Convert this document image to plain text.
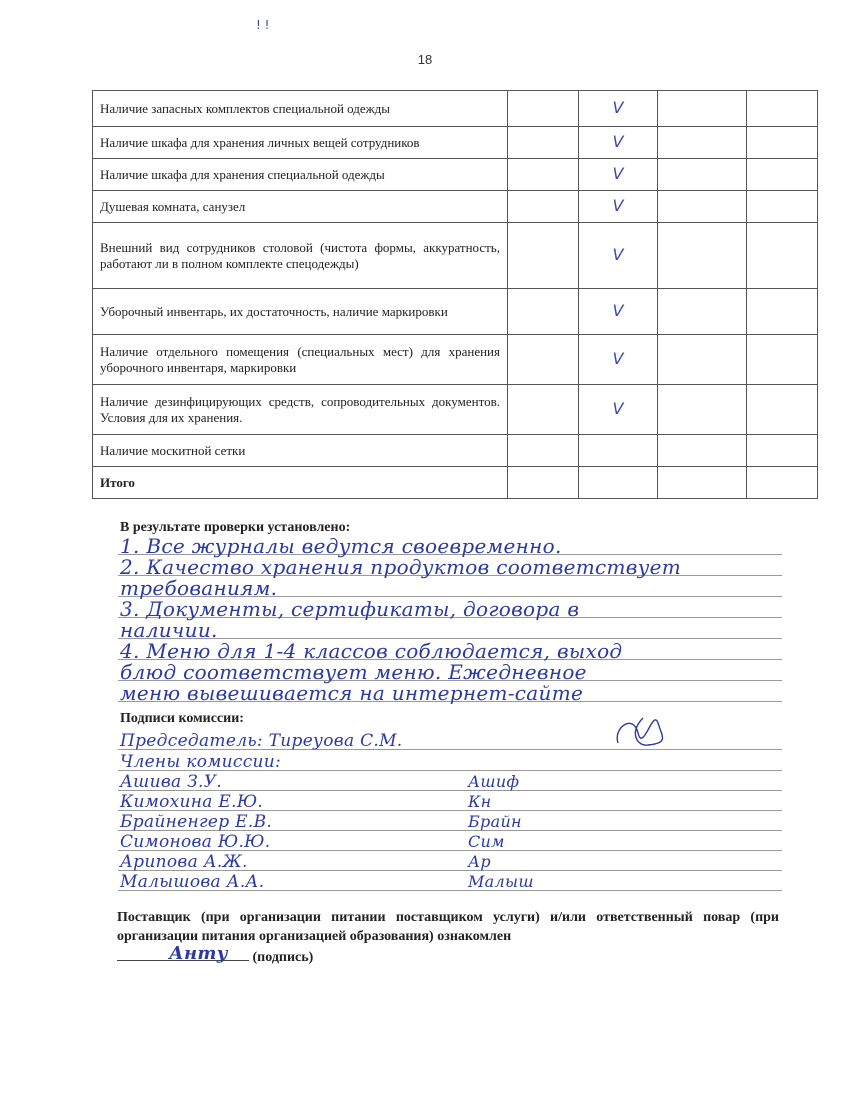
! !
18
Наличие запасных комплектов специальной одежды		V		
Наличие шкафа для хранения личных вещей сотрудников		V		
Наличие шкафа для хранения специальной одежды		V		
Душевая комната, санузел		V		
Внешний вид сотрудников столовой (чистота формы, аккуратность, работают ли в полном комплекте спецодежды)		V		
Уборочный инвентарь, их достаточность, наличие маркировки		V		
Наличие отдельного помещения (специальных мест) для хранения уборочного инвентаря, маркировки		V		
Наличие дезинфицирующих средств, сопроводительных документов. Условия для их хранения.		V		
Наличие москитной сетки				
Итого				
В результате проверки установлено:
1. Все журналы ведутся своевременно.
2. Качество хранения продуктов соответствует
требованиям.
3. Документы, сертификаты, договора в
наличии.
4. Меню для 1-4 классов соблюдается, выход
блюд соответствует меню. Ежедневное
меню вывешивается на интернет-сайте
Подписи комиссии:
Председатель: Тиреуова С.М.
Члены комиссии:
Ашива З.У.	Ашиф
Кимохина Е.Ю.	Кн
Брайненгер Е.В.	Брайн
Симонова Ю.Ю.	Сим
Арипова А.Ж.	Ар
Малышова А.А.	Малыш
Поставщик (при организации питании поставщиком услуги) и/или ответственный повар (при организации питания организацией образования) ознакомлен

Анту (подпись)
